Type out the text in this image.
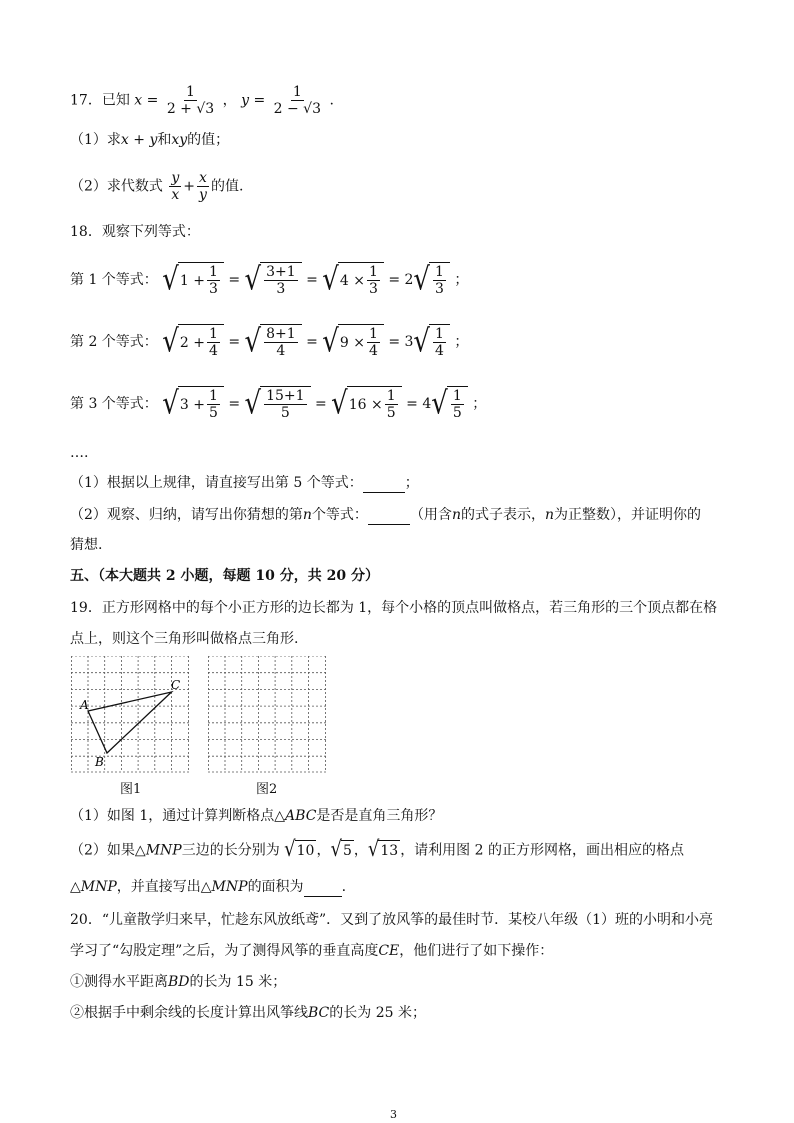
17．已知 $x = \frac{1}{2 + √3}$ ， $y = \frac{1}{2 - √3}$ .
（1）求x + y和xy的值；
（2）求代数式 $\frac{y}{x} + \frac{x}{y}$ 的值.
18．观察下列等式：
第 1 个等式： √ $1 + \frac{1}{3}$ = √ $\frac{3+1}{3}$ = √ $4 \times \frac{1}{3} = 2$ √ $\frac{1}{3}$ ；
第 2 个等式： √ $2 + \frac{1}{4}$ = √ $\frac{8+1}{4}$ = √ $9 \times \frac{1}{4} = 3$ √ $\frac{1}{4}$ ；
第 3 个等式： √ $3 + \frac{1}{5}$ = √ $\frac{15+1}{5}$ = √ $16 \times \frac{1}{5} = 4$ √ $\frac{1}{5}$ ；
….
（1）根据以上规律，请直接写出第 5 个等式：	；
（2）观察、归纳，请写出你猜想的第n个等式：	（用含n的式子表示，n为正整数），并证明你的
猜想.
五、（本大题共 2 小题，每题 10 分，共 20 分）
19．正方形网格中的每个小正方形的边长都为 1，每个小格的顶点叫做格点，若三角形的三个顶点都在格
点上，则这个三角形叫做格点三角形.
A
B
C
图1	图2
（1）如图 1，通过计算判断格点△ABC是否是直角三角形？
（2）如果△MNP三边的长分别为 √ 10 ， √ 5 ， √ 13 ，请利用图 2 的正方形网格，画出相应的格点
△MNP，并直接写出△MNP的面积为	.
20．“儿童散学归来早，忙趁东风放纸鸢”．又到了放风筝的最佳时节．某校八年级（1）班的小明和小亮
学习了“勾股定理”之后，为了测得风筝的垂直高度CE，他们进行了如下操作：
①测得水平距离BD的长为 15 米；
②根据手中剩余线的长度计算出风筝线BC的长为 25 米；
3
